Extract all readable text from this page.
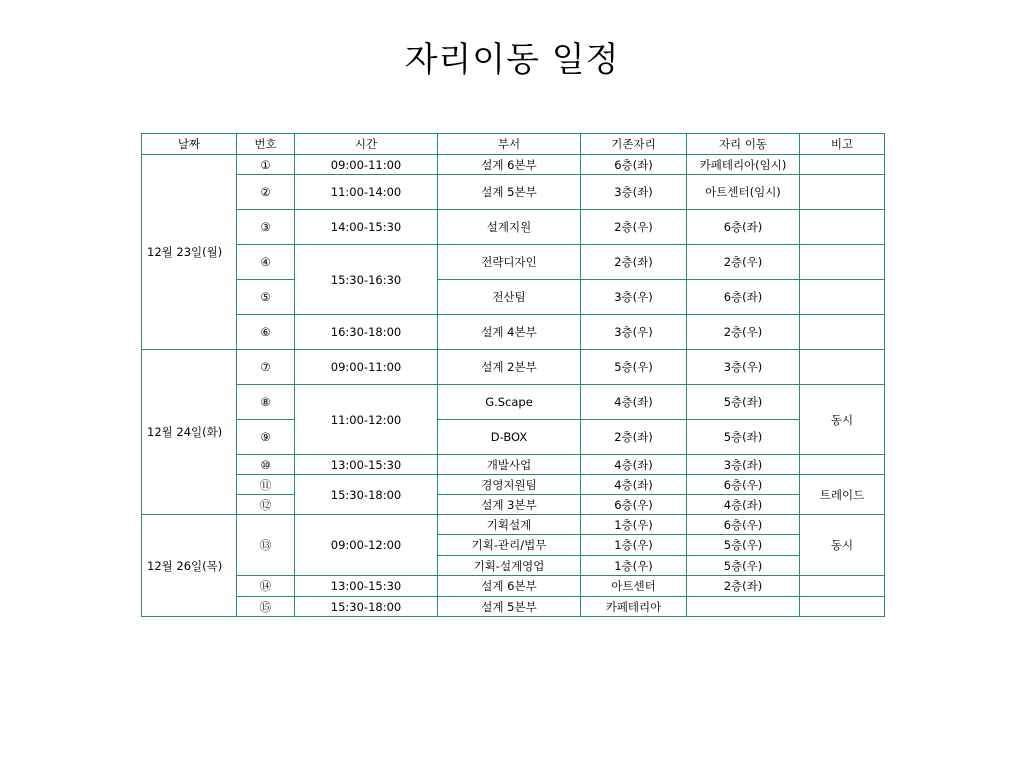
자리이동 일정
날짜	번호	시간	부서	기존자리	자리 이동	비고
12월 23일(월)	①	09:00-11:00	설계 6본부	6층(좌)	카페테리아(임시)	
	②	11:00-14:00	설계 5본부	3층(좌)	아트센터(임시)	
	③	14:00-15:30	설계지원	2층(우)	6층(좌)	
	④	15:30-16:30	전략디자인	2층(좌)	2층(우)	
	⑤		전산팀	3층(우)	6층(좌)	
	⑥	16:30-18:00	설계 4본부	3층(우)	2층(우)	
12월 24일(화)	⑦	09:00-11:00	설계 2본부	5층(우)	3층(우)	
	⑧	11:00-12:00	G.Scape	4층(좌)	5층(좌)	동시
	⑨		D-BOX	2층(좌)	5층(좌)	
	⑩	13:00-15:30	개발사업	4층(좌)	3층(좌)	
	⑪	15:30-18:00	경영지원팀	4층(좌)	6층(우)	트레이드
	⑫		설계 3본부	6층(우)	4층(좌)	
12월 26일(목)	⑬	09:00-12:00	기획설계	1층(우)	6층(우)	동시
			기획-관리/법무	1층(우)	5층(우)	
			기획-설계영업	1층(우)	5층(우)	
	⑭	13:00-15:30	설계 6본부	아트센터	2층(좌)	
	⑮	15:30-18:00	설계 5본부	카페테리아		
